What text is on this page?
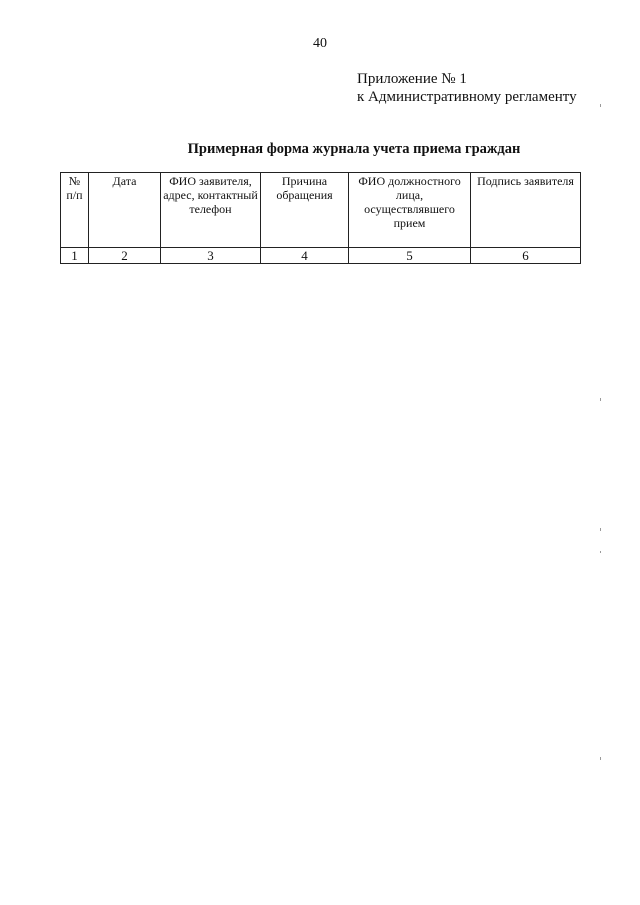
40
Приложение № 1
к Административному регламенту
Примерная форма журнала учета приема граждан
№ п/п	Дата	ФИО заявителя, адрес, контактный телефон	Причина обращения	ФИО должностного лица, осуществлявшего прием	Подпись заявителя
1	2	3	4	5	6
